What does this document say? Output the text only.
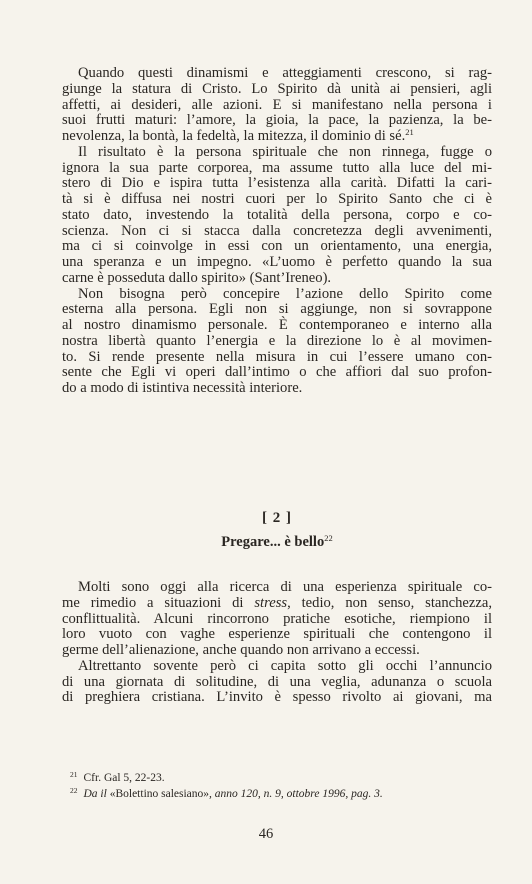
Quando questi dinamismi e atteggiamenti crescono, si rag-
giunge la statura di Cristo. Lo Spirito dà unità ai pensieri, agli
affetti, ai desideri, alle azioni. E si manifestano nella persona i
suoi frutti maturi: l’amore, la gioia, la pace, la pazienza, la be-
nevolenza, la bontà, la fedeltà, la mitezza, il dominio di sé.$^{21}$
Il risultato è la persona spirituale che non rinnega, fugge o
ignora la sua parte corporea, ma assume tutto alla luce del mi-
stero di Dio e ispira tutta l’esistenza alla carità. Difatti la cari-
tà si è diffusa nei nostri cuori per lo Spirito Santo che ci è
stato dato, investendo la totalità della persona, corpo e co-
scienza. Non ci si stacca dalla concretezza degli avvenimenti,
ma ci si coinvolge in essi con un orientamento, una energia,
una speranza e un impegno. «L’uomo è perfetto quando la sua
carne è posseduta dallo spirito» (Sant’Ireneo).
Non bisogna però concepire l’azione dello Spirito come
esterna alla persona. Egli non si aggiunge, non si sovrappone
al nostro dinamismo personale. È contemporaneo e interno alla
nostra libertà quanto l’energia e la direzione lo è al movimen-
to. Si rende presente nella misura in cui l’essere umano con-
sente che Egli vi operi dall’intimo o che affiori dal suo profon-
do a modo di istintiva necessità interiore.
[ 2 ]
Pregare... è bello$^{22}$
Molti sono oggi alla ricerca di una esperienza spirituale co-
me rimedio a situazioni di stress, tedio, non senso, stanchezza,
conflittualità. Alcuni rincorrono pratiche esotiche, riempiono il
loro vuoto con vaghe esperienze spirituali che contengono il
germe dell’alienazione, anche quando non arrivano a eccessi.
Altrettanto sovente però ci capita sotto gli occhi l’annuncio
di una giornata di solitudine, di una veglia, adunanza o scuola
di preghiera cristiana. L’invito è spesso rivolto ai giovani, ma
$^{21}$ Cfr. Gal 5, 22-23.
$^{22}$ Da il «Bolettino salesiano», anno 120, n. 9, ottobre 1996, pag. 3.
46
